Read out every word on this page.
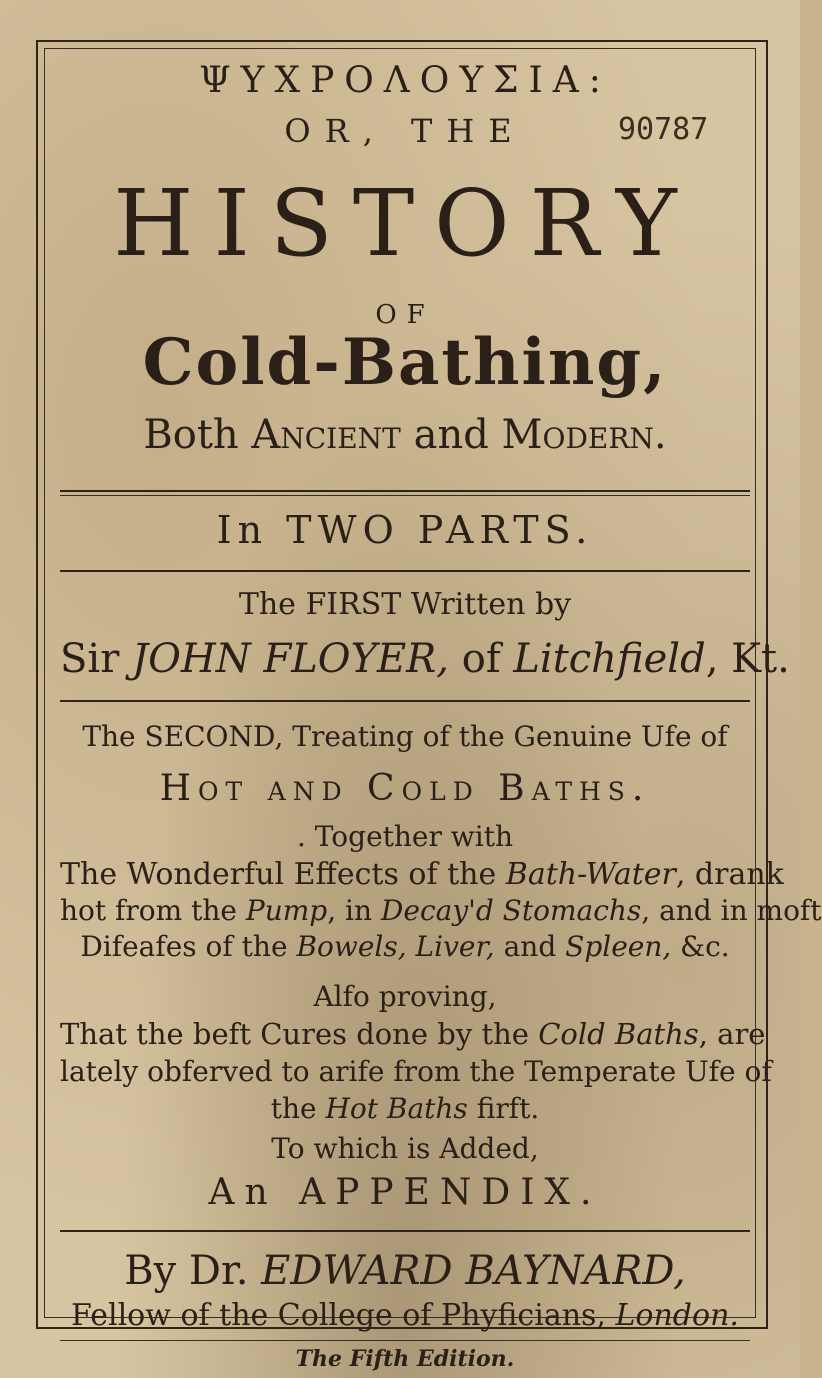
ΨΥΧΡΟΛΟΥΣΙΑ:
OR, THE	90787
HISTORY
OF
Cold-Bathing,
Both Ancient and Modern.
In TWO PARTS.
The FIRST Written by
Sir JOHN FLOYER, of Litchfield, Kt.
The SECOND, Treating of the Genuine Ufe of
Hot and Cold Baths.
. Together with
The Wonderful Effects of the Bath-Water, drank
hot from the Pump, in Decay'd Stomachs, and in moft
Difeafes of the Bowels, Liver, and Spleen, &c.
Alfo proving,
That the beft Cures done by the Cold Baths, are
lately obferved to arife from the Temperate Ufe of
the Hot Baths firft.
To which is Added,
An APPENDIX.
By Dr. EDWARD BAYNARD,
Fellow of the College of Phyficians, London.
The Fifth Edition.
